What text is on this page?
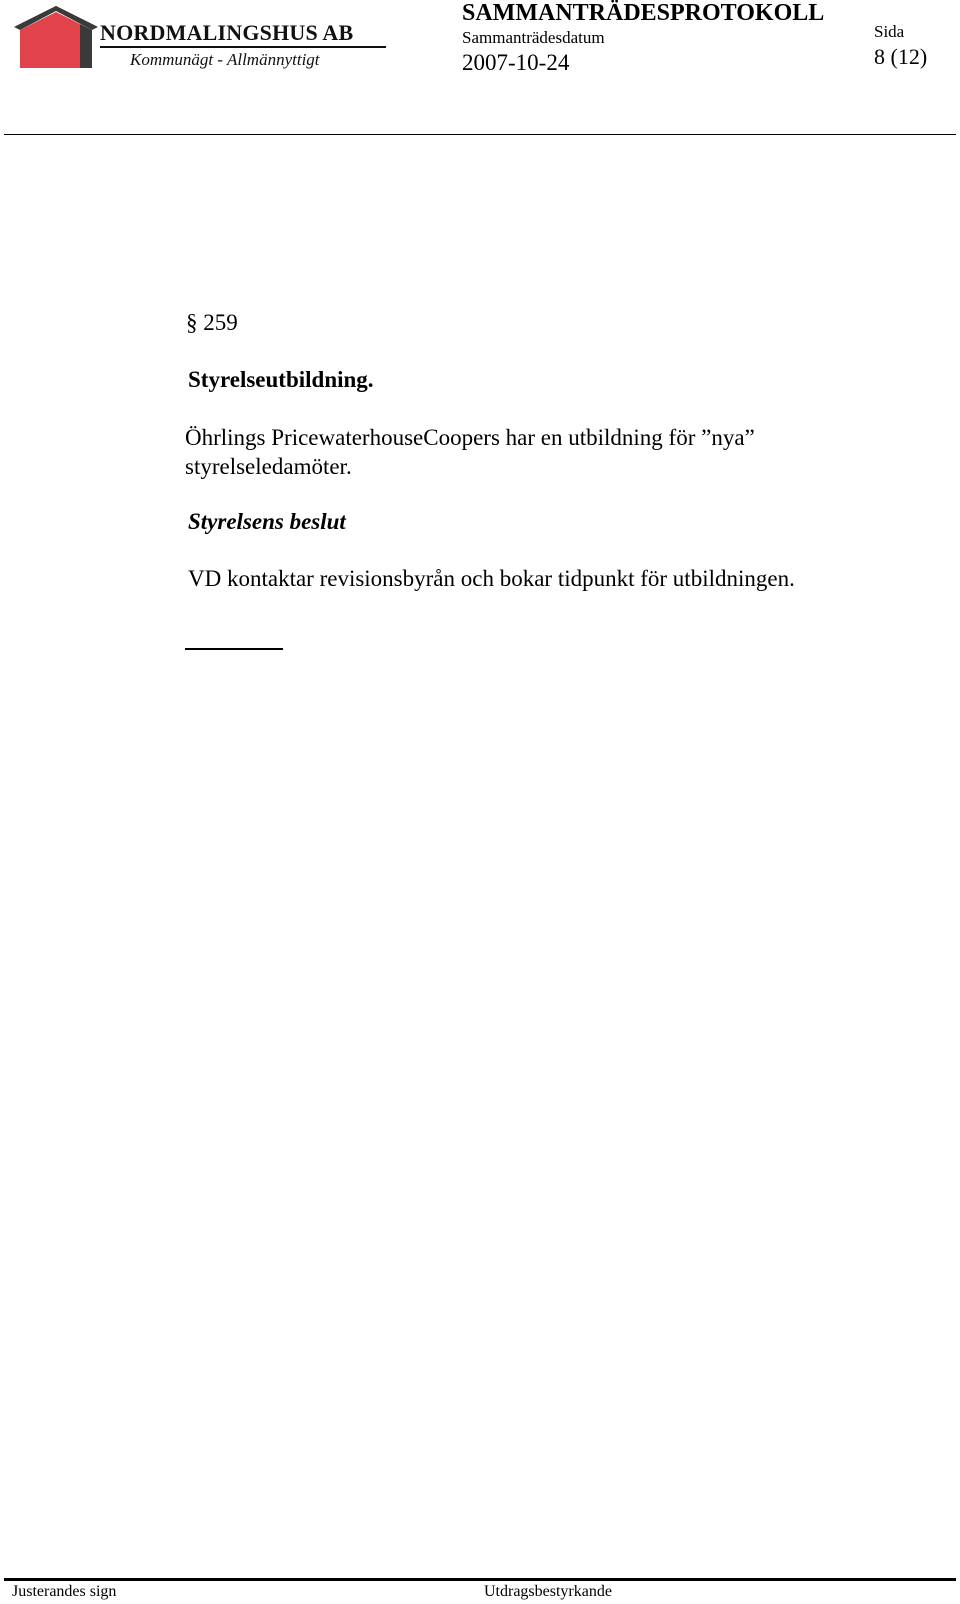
NORDMALINGSHUS AB
Kommunägt - Allmännyttigt
SAMMANTRÄDESPROTOKOLL
Sammanträdesdatum
2007-10-24
Sida
8 (12)
§ 259
Styrelseutbildning.
Öhrlings PricewaterhouseCoopers har en utbildning för ”nya” styrelseledamöter.
Styrelsens beslut
VD kontaktar revisionsbyrån och bokar tidpunkt för utbildningen.
Justerandes sign	Utdragsbestyrkande
